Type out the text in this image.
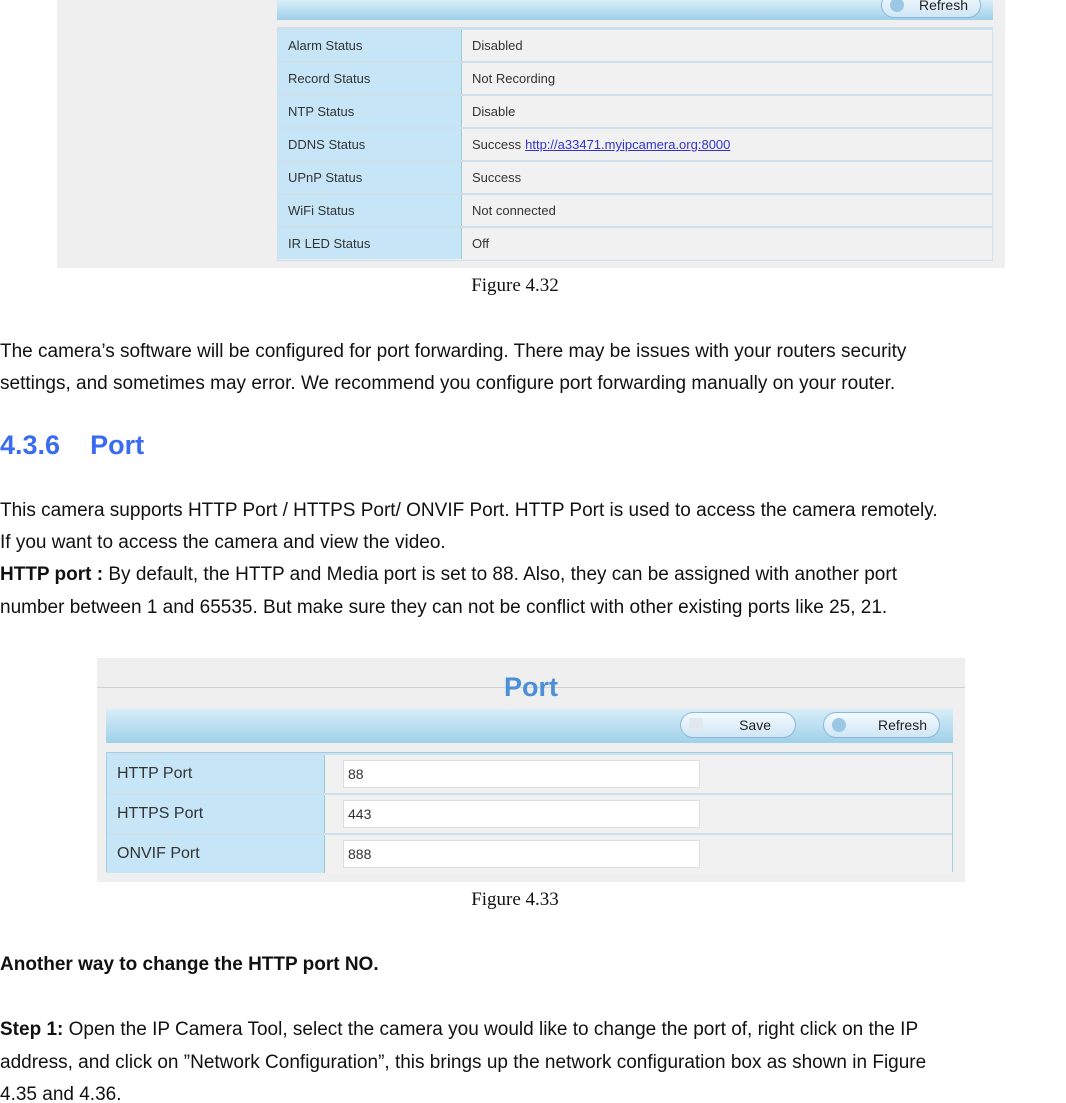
Refresh
Alarm Status	Disabled
Record Status	Not Recording
NTP Status	Disable
DDNS Status	Success http://a33471.myipcamera.org:8000
UPnP Status	Success
WiFi Status	Not connected
IR LED Status	Off
Figure 4.32
The camera’s software will be configured for port forwarding. There may be issues with your routers security
settings, and sometimes may error. We recommend you configure port forwarding manually on your router.
4.3.6 Port
This camera supports HTTP Port / HTTPS Port/ ONVIF Port. HTTP Port is used to access the camera remotely.
If you want to access the camera and view the video.
HTTP port : By default, the HTTP and Media port is set to 88. Also, they can be assigned with another port
number between 1 and 65535. But make sure they can not be conflict with other existing ports like 25, 21.
Port
Save	Refresh
HTTP Port	88
HTTPS Port	443
ONVIF Port	888
Figure 4.33
Another way to change the HTTP port NO.
Step 1: Open the IP Camera Tool, select the camera you would like to change the port of, right click on the IP
address, and click on ”Network Configuration”, this brings up the network configuration box as shown in Figure
4.35 and 4.36.
